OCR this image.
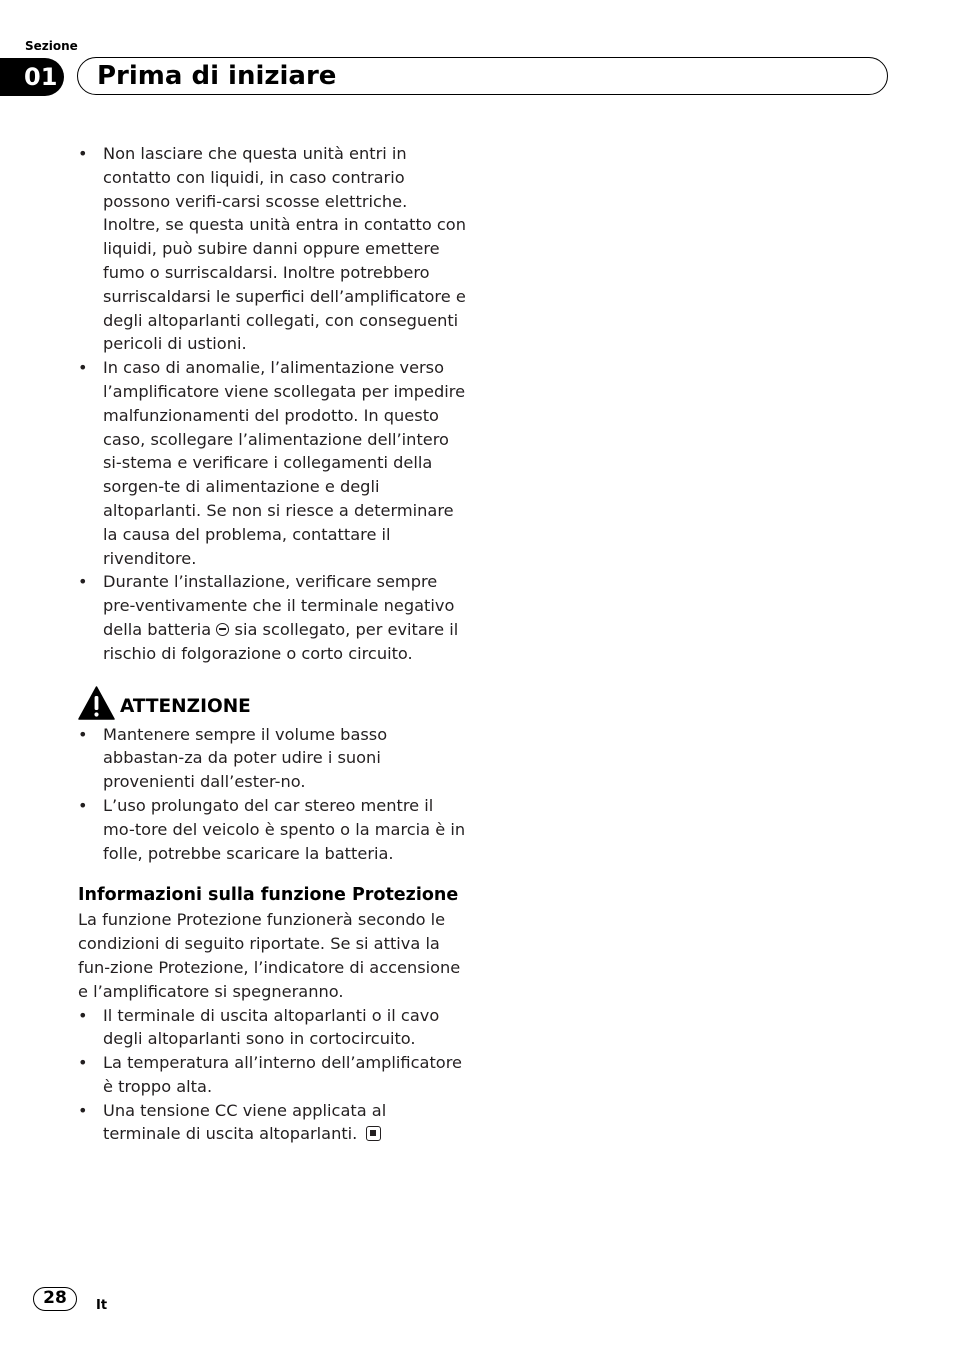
Sezione
01 Prima di iniziare
• Non lasciare che questa unità entri in contatto con liquidi, in caso contrario possono verifi-carsi scosse elettriche. Inoltre, se questa unità entra in contatto con liquidi, può subire danni oppure emettere fumo o surriscaldarsi. Inoltre potrebbero surriscaldarsi le superfici dell’amplificatore e degli altoparlanti collegati, con conseguenti pericoli di ustioni.
• In caso di anomalie, l’alimentazione verso l’amplificatore viene scollegata per impedire malfunzionamenti del prodotto. In questo caso, scollegare l’alimentazione dell’intero si-stema e verificare i collegamenti della sorgen-te di alimentazione e degli altoparlanti. Se non si riesce a determinare la causa del problema, contattare il rivenditore.
• Durante l’installazione, verificare sempre pre-ventivamente che il terminale negativo della batteria sia scollegato, per evitare il rischio di folgorazione o corto circuito.
ATTENZIONE
• Mantenere sempre il volume basso abbastan-za da poter udire i suoni provenienti dall’ester-no.
• L’uso prolungato del car stereo mentre il mo-tore del veicolo è spento o la marcia è in folle, potrebbe scaricare la batteria.
Informazioni sulla funzione Protezione
La funzione Protezione funzionerà secondo le condizioni di seguito riportate. Se si attiva la fun-zione Protezione, l’indicatore di accensione e l’amplificatore si spegneranno.
• Il terminale di uscita altoparlanti o il cavo degli altoparlanti sono in cortocircuito.
• La temperatura all’interno dell’amplificatore è troppo alta.
• Una tensione CC viene applicata al terminale di uscita altoparlanti.
28	It
